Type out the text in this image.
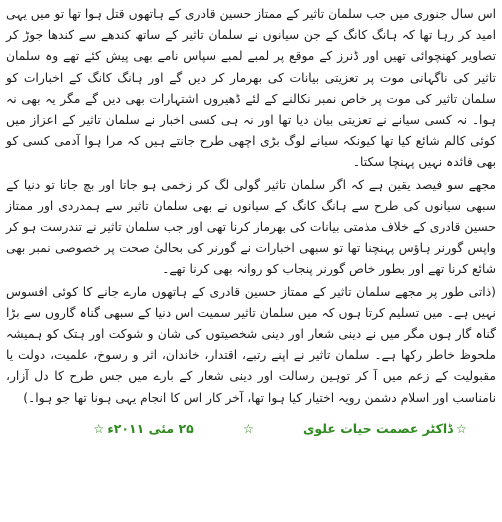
اس سال جنوری میں جب سلمان تاثیر کے ممتاز حسین قادری کے ہاتھوں قتل ہوا تھا تو میں یہی امید کر رہا تھا کہ ہانگ کانگ کے جن سیانوں نے سلمان تاثیر کے ساتھ کندھے سے کندھا جوڑ کر تصاویر کھنچوائی تھیں اور ڈنرز کے موقع پر لمبے لمبے سپاس نامے بھی پیش کئے تھے وہ سلمان تاثیر کی ناگہانی موت پر تعزیتی بیانات کی بھرمار کر دیں گے اور ہانگ کانگ کے اخبارات کو سلمان تاثیر کی موت پر خاص نمبر نکالنے کے لئے ڈھیروں اشتہارات بھی دیں گے مگر یہ بھی نہ ہوا۔ نہ کسی سیانے نے تعزیتی بیان دیا تھا اور نہ ہی کسی اخبار نے سلمان تاثیر کے اعزاز میں کوئی کالم شائع کیا تھا کیونکہ سیانے لوگ بڑی اچھی طرح جانتے ہیں کہ مرا ہوا آدمی کسی کو بھی فائدہ نہیں پہنچا سکتا۔

مجھے سو فیصد یقین ہے کہ اگر سلمان تاثیر گولی لگ کر زخمی ہو جاتا اور بچ جاتا تو دنیا کے سبھی سیانوں کی طرح سے ہانگ کانگ کے سیانوں نے بھی سلمان تاثیر سے ہمدردی اور ممتاز حسین قادری کے خلاف مذمتی بیانات کی بھرمار کرنا تھی اور جب سلمان تاثیر نے تندرست ہو کر واپس گورنر ہاؤس پہنچنا تھا تو سبھی اخبارات نے گورنر کی بحالیٔ صحت پر خصوصی نمبر بھی شائع کرنا تھے اور بطور خاص گورنر پنجاب کو روانہ بھی کرنا تھے۔

(ذاتی طور پر مجھے سلمان تاثیر کے ممتاز حسین قادری کے ہاتھوں مارے جانے کا کوئی افسوس نہیں ہے۔ میں تسلیم کرتا ہوں کہ میں سلمان تاثیر سمیت اس دنیا کے سبھی گناہ گاروں سے بڑا گناہ گار ہوں مگر میں نے دینی شعار اور دینی شخصیتوں کی شان و شوکت اور ہتک کو ہمیشہ ملحوظ خاطر رکھا ہے۔ سلمان تاثیر نے اپنے رتبے، اقتدار، خاندان، اثر و رسوخ، علمیت، دولت یا مقبولیت کے زعم میں آ کر توہین رسالت اور دینی شعار کے بارے میں جس طرح کا دل آزار، نامناسب اور اسلام دشمن رویہ اختیار کیا ہوا تھا، آخر کار اس کا انجام یہی ہونا تھا جو ہوا۔)

☆ڈاکٹر عصمت حیات علوی☆۲۵ مئی ۲۰۱۱ء☆
